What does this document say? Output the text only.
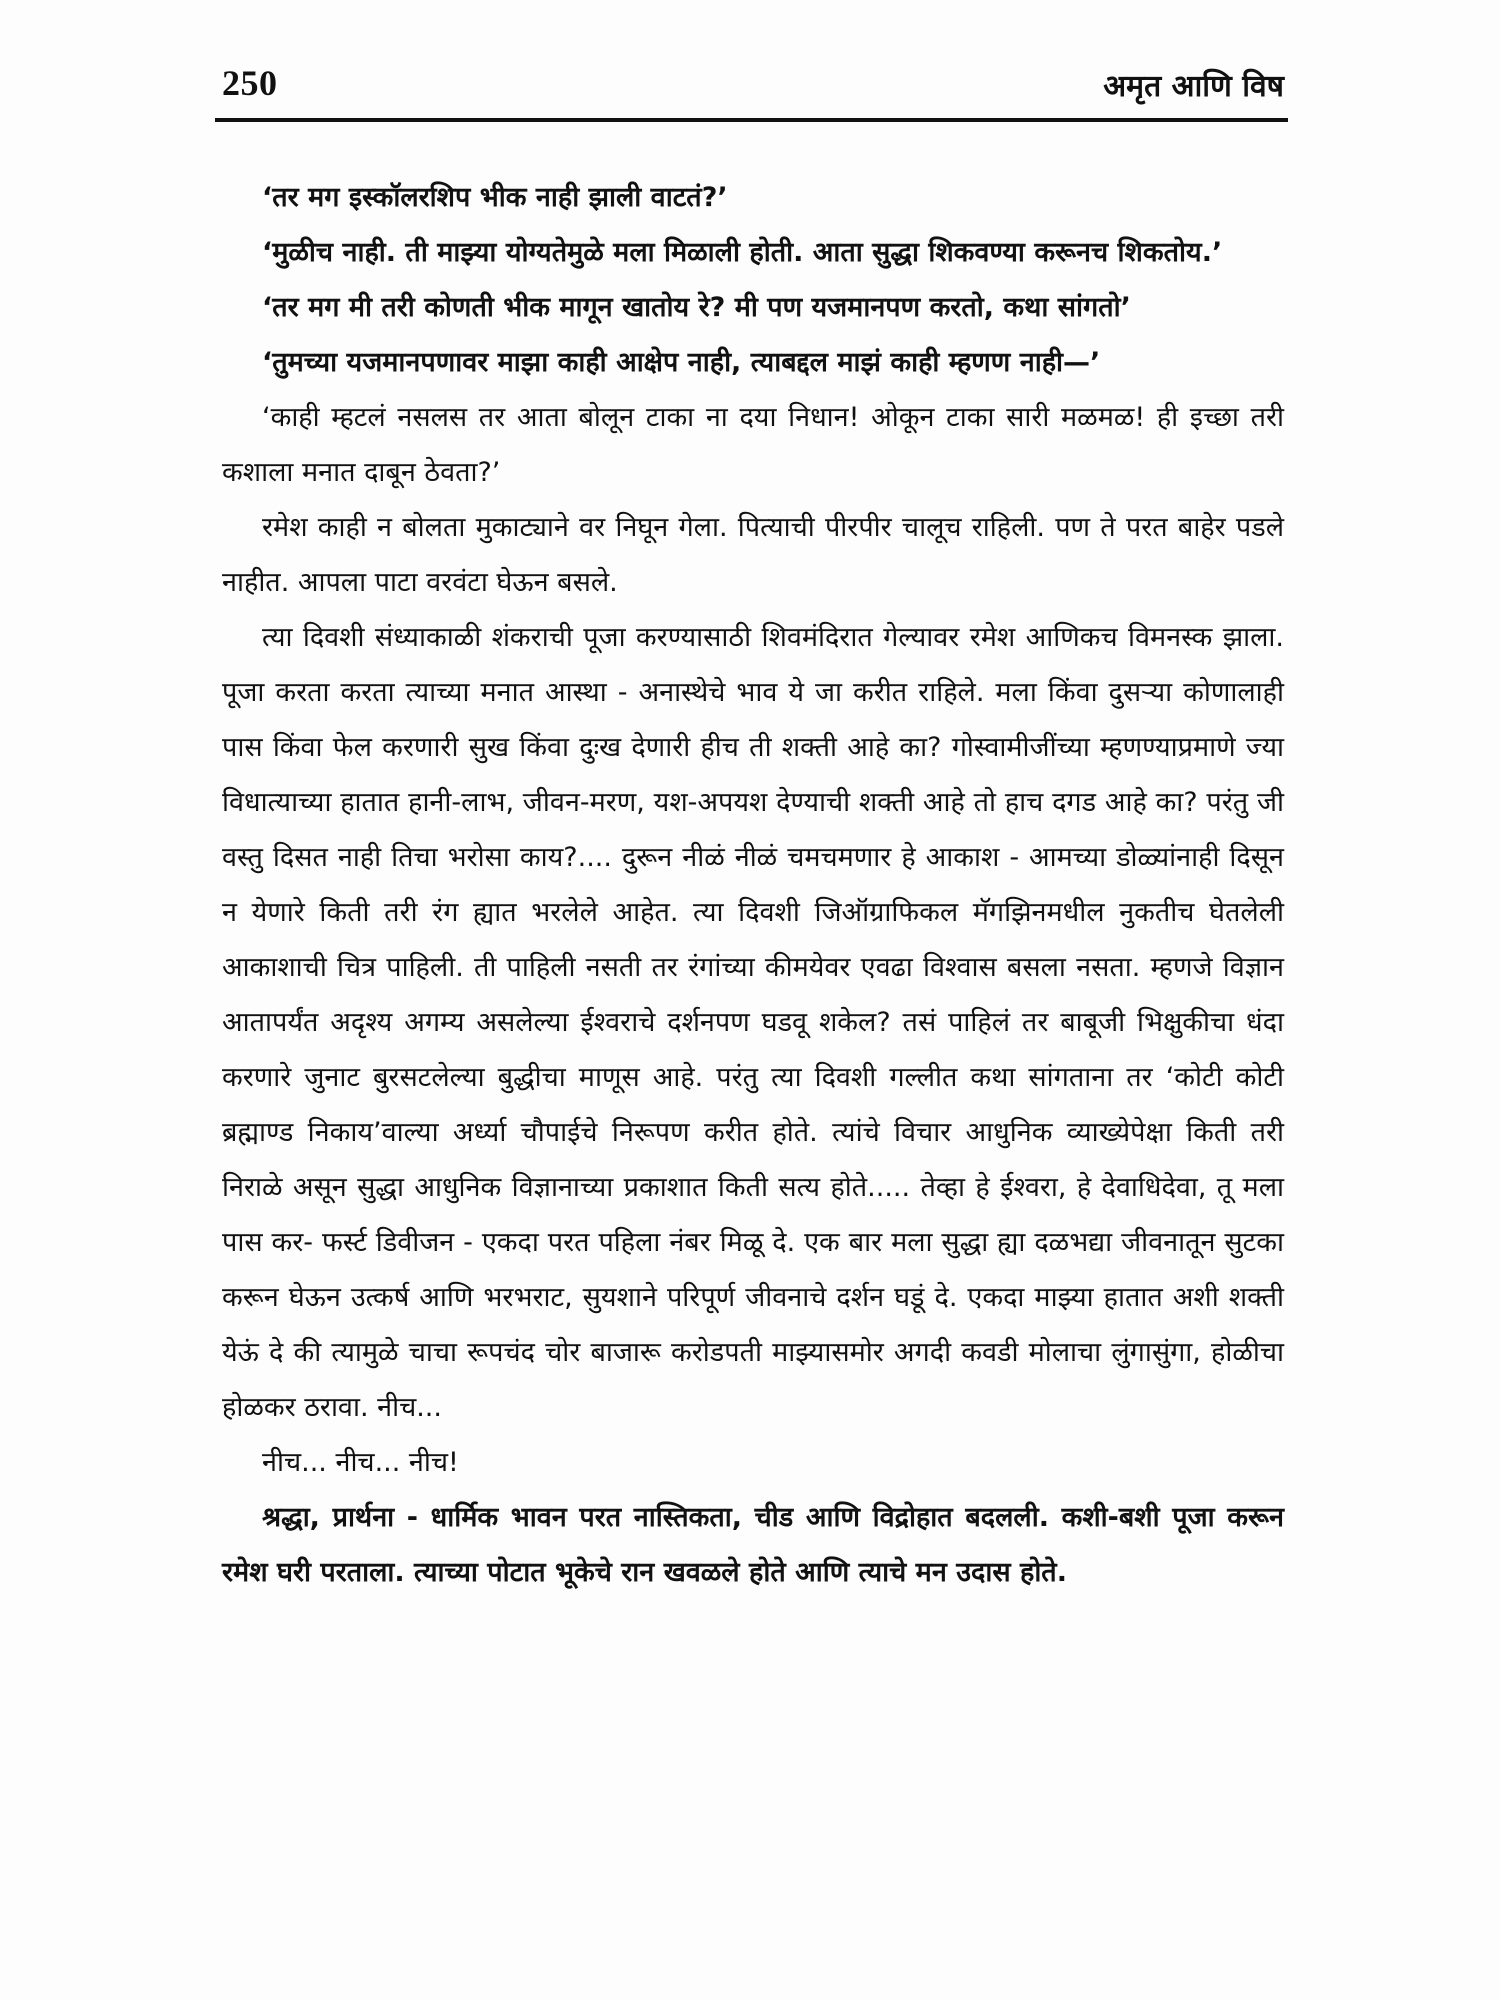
250	अमृत आणि विष

‘तर मग इस्कॉलरशिप भीक नाही झाली वाटतं?’

‘मुळीच नाही. ती माझ्या योग्यतेमुळे मला मिळाली होती. आता सुद्धा शिकवण्या करूनच शिकतोय.’

‘तर मग मी तरी कोणती भीक मागून खातोय रे? मी पण यजमानपण करतो, कथा सांगतो’

‘तुमच्या यजमानपणावर माझा काही आक्षेप नाही, त्याबद्दल माझं काही म्हणण नाही—’

‘काही म्हटलं नसलस तर आता बोलून टाका ना दया निधान! ओकून टाका सारी मळमळ! ही इच्छा तरी कशाला मनात दाबून ठेवता?’

रमेश काही न बोलता मुकाट्याने वर निघून गेला. पित्याची पीरपीर चालूच राहिली. पण ते परत बाहेर पडले नाहीत. आपला पाटा वरवंटा घेऊन बसले.

त्या दिवशी संध्याकाळी शंकराची पूजा करण्यासाठी शिवमंदिरात गेल्यावर रमेश आणिकच विमनस्क झाला. पूजा करता करता त्याच्या मनात आस्था - अनास्थेचे भाव ये जा करीत राहिले. मला किंवा दुसऱ्या कोणालाही पास किंवा फेल करणारी सुख किंवा दुःख देणारी हीच ती शक्ती आहे का? गोस्वामीजींच्या म्हणण्याप्रमाणे ज्या विधात्याच्या हातात हानी-लाभ, जीवन-मरण, यश-अपयश देण्याची शक्ती आहे तो हाच दगड आहे का? परंतु जी वस्तु दिसत नाही तिचा भरोसा काय?.... दुरून नीळं नीळं चमचमणार हे आकाश - आमच्या डोळ्यांनाही दिसून न येणारे किती तरी रंग ह्यात भरलेले आहेत. त्या दिवशी जिऑग्राफिकल मॅगझिनमधील नुकतीच घेतलेली आकाशाची चित्र पाहिली. ती पाहिली नसती तर रंगांच्या कीमयेवर एवढा विश्वास बसला नसता. म्हणजे विज्ञान आतापर्यंत अदृश्य अगम्य असलेल्या ईश्वराचे दर्शनपण घडवू शकेल? तसं पाहिलं तर बाबूजी भिक्षुकीचा धंदा करणारे जुनाट बुरसटलेल्या बुद्धीचा माणूस आहे. परंतु त्या दिवशी गल्लीत कथा सांगताना तर ‘कोटी कोटी ब्रह्माण्ड निकाय’वाल्या अर्ध्या चौपाईचे निरूपण करीत होते. त्यांचे विचार आधुनिक व्याख्येपेक्षा किती तरी निराळे असून सुद्धा आधुनिक विज्ञानाच्या प्रकाशात किती सत्य होते..... तेव्हा हे ईश्वरा, हे देवाधिदेवा, तू मला पास कर- फर्स्ट डिवीजन - एकदा परत पहिला नंबर मिळू दे. एक बार मला सुद्धा ह्या दळभद्या जीवनातून सुटका करून घेऊन उत्कर्ष आणि भरभराट, सुयशाने परिपूर्ण जीवनाचे दर्शन घडूं दे. एकदा माझ्या हातात अशी शक्ती येऊं दे की त्यामुळे चाचा रूपचंद चोर बाजारू करोडपती माझ्यासमोर अगदी कवडी मोलाचा लुंगासुंगा, होळीचा होळकर ठरावा. नीच...

नीच... नीच... नीच!

श्रद्धा, प्रार्थना - धार्मिक भावन परत नास्तिकता, चीड आणि विद्रोहात बदलली. कशी-बशी पूजा करून रमेश घरी परताला. त्याच्या पोटात भूकेचे रान खवळले होते आणि त्याचे मन उदास होते.
